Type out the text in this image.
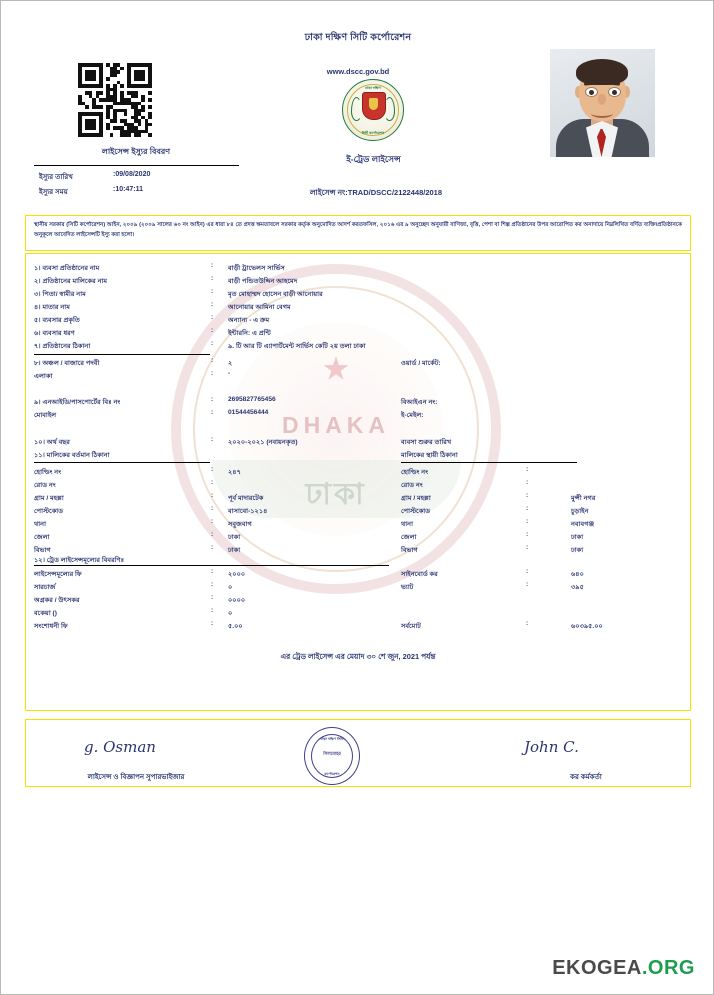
ঢাকা দক্ষিণ সিটি কর্পোরেশন
www.dscc.gov.bd
ঢাকা দক্ষিণ
সিটি কর্পোরেশন
লাইসেন্স ইস্যুর বিবরণ
ইস্যুর তারিখ	:09/08/2020
ইস্যুর সময়	:10:47:11
ই-ট্রেড লাইসেন্স
লাইসেন্স নং:TRAD/DSCC/2122448/2018

স্থানীয় সরকার (সিটি কর্পোরেশন) আইন, ২০০৯ (২০০৯ সালের ৬০ নং আইন) এর ধারা ৮৪ তে প্রদত্ত ক্ষমতাবলে সরকার কর্তৃক অনুমোদিত আদর্শ করতফসিল, ২০১৬ এর ৯ অনুচ্ছেদ অনুযায়ী বাণিজ্য, বৃত্তি, পেশা বা শিল্প প্রতিষ্ঠানের উপর আরোপিত কর অনাদায়ে নিম্নলিখিত বর্ণিত ব্যক্তি/প্রতিষ্ঠানকে অনুকূলে আবেদিত লাইসেন্সটি ইস্যু করা হলো।

DHAKA
ঢাকা
১। ব্যবসা প্রতিষ্ঠানের নাম	: বাড়ী ট্রাভেলস সার্ভিস
২। প্রতিষ্ঠানের মালিকের নাম	: বাড়ী পন্ডিতউদ্দিন আহমেদ
৩। পিতা/ স্বামীর নাম	: মৃত মোহাম্মদ হোসেন বাড়ী আনোয়ার
৪। মাতার নাম	: আনোয়ার আমিনা বেগম
৫। ব্যবসার প্রকৃতি	: অন্যান্য - এ ক্রম
৬। ব্যবসার ধরণ	: ইন্টারনি: এ প্রন্টি
৭। প্রতিষ্ঠানের ঠিকানা	: ৯. টি আর টি এ্যাপার্টমেন্ট সার্ভিস কেটি ২য় তলা ঢাকা
৮। অঞ্চল / বাজারে পদবী	: ২	ওয়ার্ড / মার্কেট:
এলাকা	: -
৯। এনআইডি/পাসপোর্টের বিঃ নং	: 2695827765456	বিআইএন নং:
মোবাইল	: 01544456444	ই-মেইল:
১০। অর্থ বছর	: ২০২০-২০২১ (নবায়নকৃত)	ব্যবসা শুরুর তারিখ
১১। মালিকের বর্তমান ঠিকানা	মালিকের স্থায়ী ঠিকানা
হোল্ডিং নং	: ২৪৭	হোল্ডিং নং	:
রোড নং	:	রোড নং	:
গ্রাম / মহল্লা	: পূর্ব মাদারটেক	গ্রাম / মহল্লা	:	মুন্সী নগর
পোস্টকোড	: বাসাবো-১২১৪	পোস্টকোড	:	চুড়াইন
থানা	: সবুজবাগ	থানা	:	নবাবগঞ্জ
জেলা	: ঢাকা	জেলা	:	ঢাকা
বিভাগ	: ঢাকা	বিভাগ	:	ঢাকা
১২। ট্রেড লাইসেন্সমূল্যের বিবরণিঃ
লাইসেন্সমূল্যের ফি	: ২০০০	সাইনবোর্ড কর	:	৬৪০
সারচার্জ	: ০	ভ্যাট	:	৩৯৫
অগ্রকর / উৎসকর	: ০০০০
বকেয়া ()	: ০
সংশোধনী ফি	: ৫.০০	সর্বমোট	:	৬০৩৯৫.০০
এর ট্রেড লাইসেন্স এর মেয়াদ ৩০ শে জুন, 2021 পর্যন্ত
g. Osman
লাইসেন্স ও বিজ্ঞাপন সুপারভাইজার
John C.
কর কর্মকর্তা
ঢাকা দক্ষিণ সিটি
সিলমোহর
কর্পোরেশন
EKOGEA.ORG
